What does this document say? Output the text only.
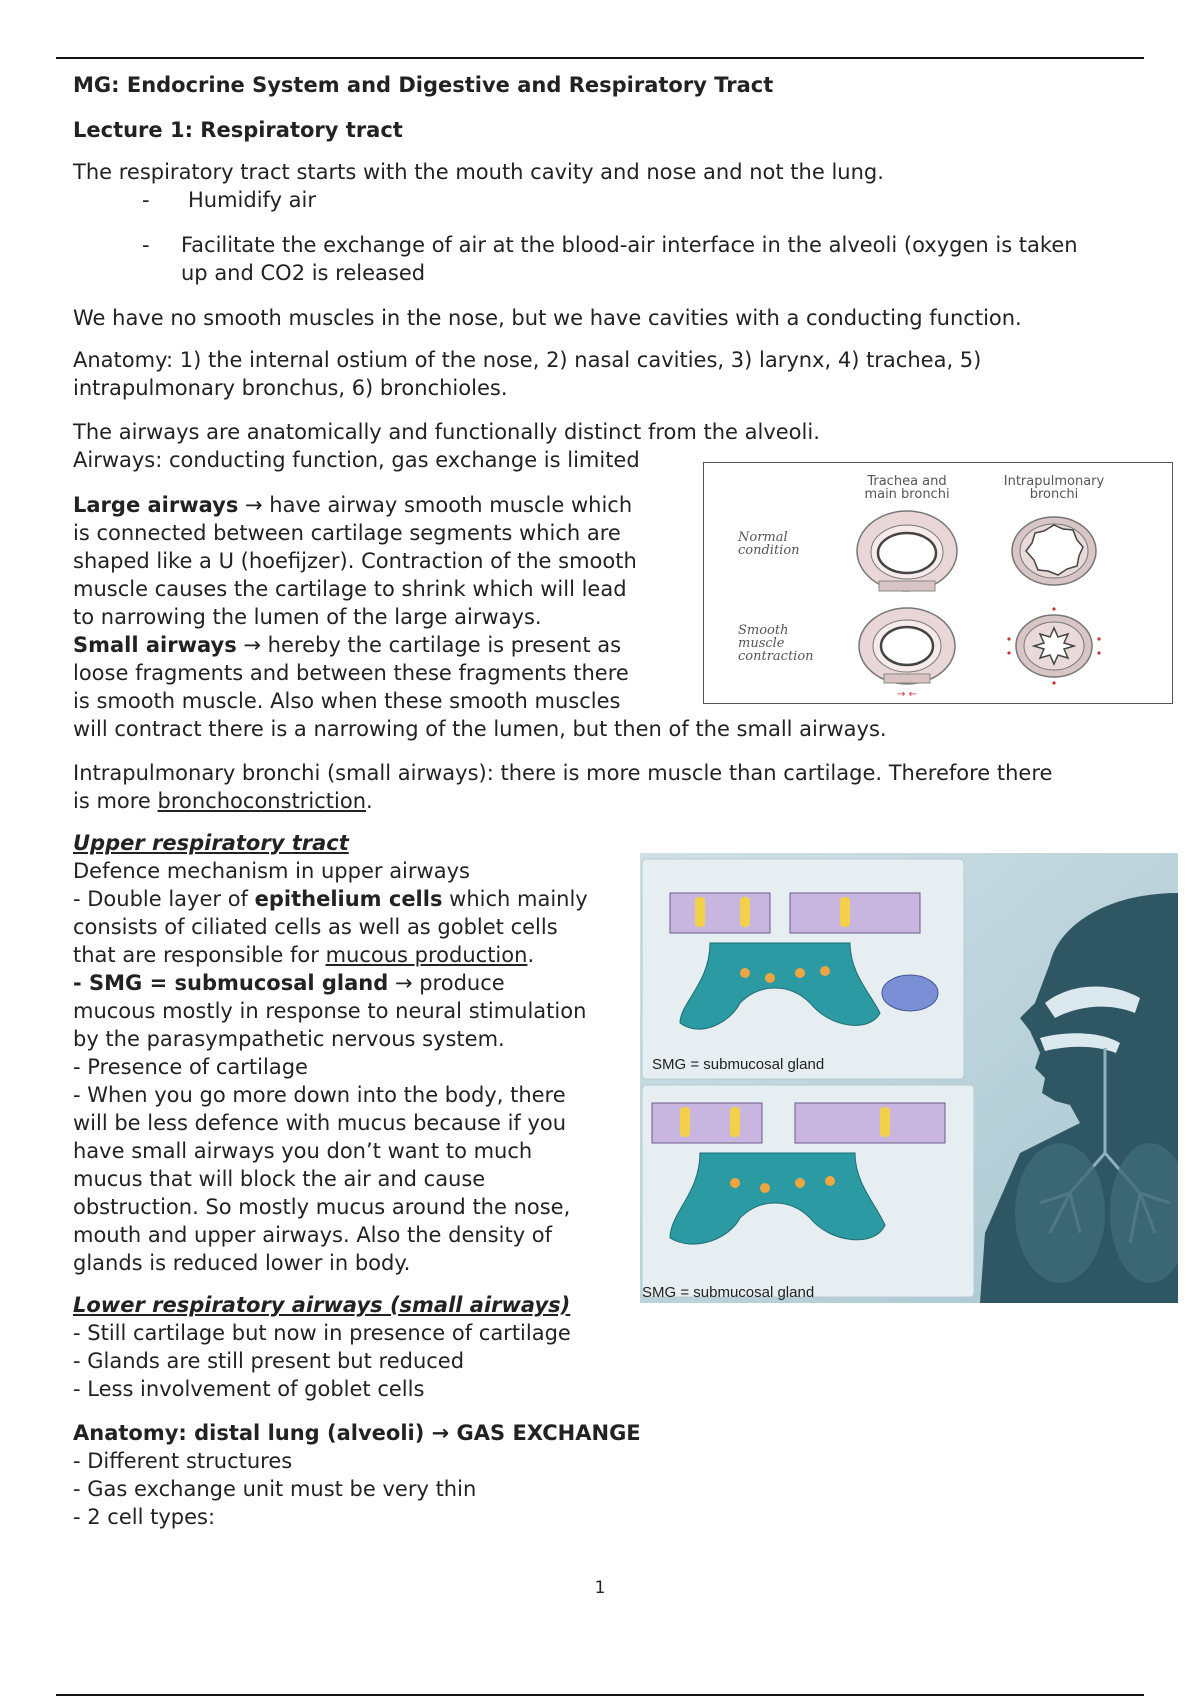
MG: Endocrine System and Digestive and Respiratory Tract

Lecture 1: Respiratory tract

The respiratory tract starts with the mouth cavity and nose and not the lung.

- Humidify air

- Facilitate the exchange of air at the blood-air interface in the alveoli (oxygen is taken

up and CO2 is released

We have no smooth muscles in the nose, but we have cavities with a conducting function.

Anatomy: 1) the internal ostium of the nose, 2) nasal cavities, 3) larynx, 4) trachea, 5)

intrapulmonary bronchus, 6) bronchioles.

The airways are anatomically and functionally distinct from the alveoli.

Airways: conducting function, gas exchange is limited

Large airways → have airway smooth muscle which

is connected between cartilage segments which are

shaped like a U (hoefijzer). Contraction of the smooth

muscle causes the cartilage to shrink which will lead

to narrowing the lumen of the large airways.

Small airways → hereby the cartilage is present as

loose fragments and between these fragments there

is smooth muscle. Also when these smooth muscles

will contract there is a narrowing of the lumen, but then of the small airways.

Trachea and
main bronchi
Intrapulmonary
bronchi
Normal
condition
Smooth
muscle
contraction
→ ←

Intrapulmonary bronchi (small airways): there is more muscle than cartilage. Therefore there

is more bronchoconstriction.

Upper respiratory tract

Defence mechanism in upper airways

- Double layer of epithelium cells which mainly

consists of ciliated cells as well as goblet cells

that are responsible for mucous production.

- SMG = submucosal gland → produce

mucous mostly in response to neural stimulation

by the parasympathetic nervous system.

- Presence of cartilage

- When you go more down into the body, there

will be less defence with mucus because if you

have small airways you don’t want to much

mucus that will block the air and cause

obstruction. So mostly mucus around the nose,

mouth and upper airways. Also the density of

glands is reduced lower in body.

SMG = submucosal gland
SMG = submucosal gland

Lower respiratory airways (small airways)

- Still cartilage but now in presence of cartilage

- Glands are still present but reduced

- Less involvement of goblet cells

Anatomy: distal lung (alveoli) → GAS EXCHANGE

- Different structures

- Gas exchange unit must be very thin

- 2 cell types:

1
